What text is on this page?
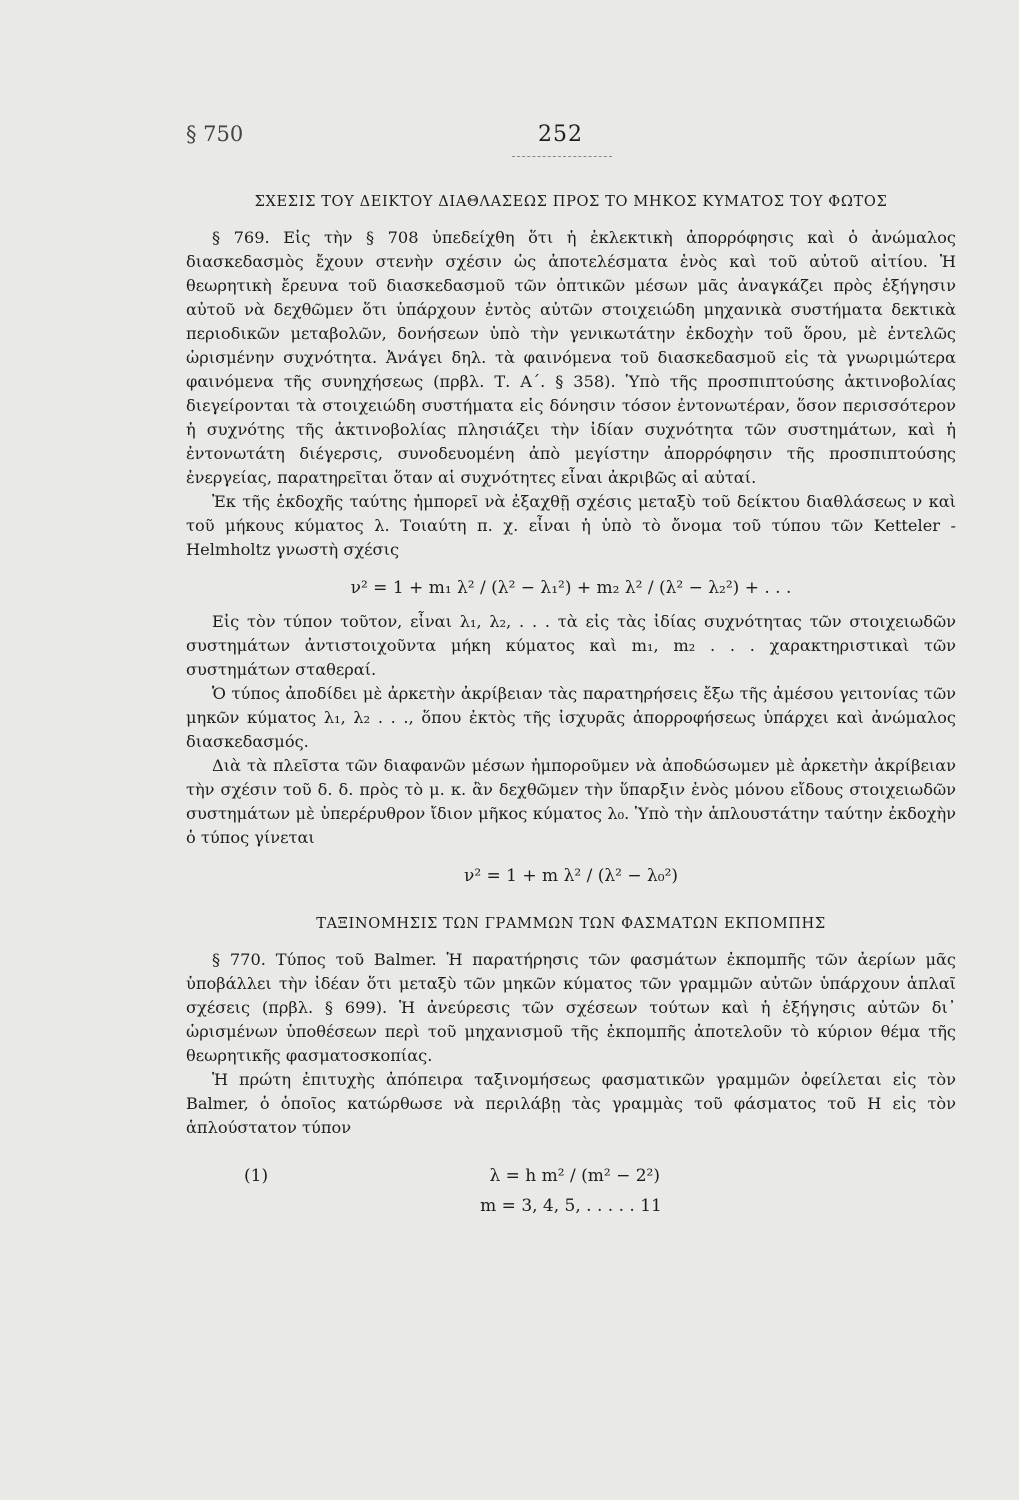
§ 750	252
ΣΧΕΣΙΣ ΤΟΥ ΔΕΙΚΤΟΥ ΔΙΑΘΛΑΣΕΩΣ ΠΡΟΣ ΤΟ ΜΗΚΟΣ ΚΥΜΑΤΟΣ ΤΟΥ ΦΩΤΟΣ

§ 769. Εἰς τὴν § 708 ὑπεδείχθη ὅτι ἡ ἐκλεκτικὴ ἀπορρόφησις καὶ ὁ ἀνώμαλος διασκεδασμὸς ἔχουν στενὴν σχέσιν ὡς ἀποτελέσματα ἑνὸς καὶ τοῦ αὐτοῦ αἰτίου. Ἡ θεωρητικὴ ἔρευνα τοῦ διασκεδασμοῦ τῶν ὀπτικῶν μέσων μᾶς ἀναγκάζει πρὸς ἐξήγησιν αὐτοῦ νὰ δεχθῶμεν ὅτι ὑπάρχουν ἐντὸς αὐτῶν στοιχειώδη μηχανικὰ συστήματα δεκτικὰ περιοδικῶν μεταβολῶν, δονήσεων ὑπὸ τὴν γενικωτάτην ἐκδοχὴν τοῦ ὅρου, μὲ ἐντελῶς ὡρισμένην συχνότητα. Ἀνάγει δηλ. τὰ φαινόμενα τοῦ διασκεδασμοῦ εἰς τὰ γνωριμώτερα φαινόμενα τῆς συνηχήσεως (πρβλ. Τ. Α΄. § 358). Ὑπὸ τῆς προσπιπτούσης ἀκτινοβολίας διεγείρονται τὰ στοιχειώδη συστήματα εἰς δόνησιν τόσον ἐντονωτέραν, ὅσον περισσότερον ἡ συχνότης τῆς ἀκτινοβολίας πλησιάζει τὴν ἰδίαν συχνότητα τῶν συστημάτων, καὶ ἡ ἐντονωτάτη διέγερσις, συνοδευομένη ἀπὸ μεγίστην ἀπορρόφησιν τῆς προσπιπτούσης ἐνεργείας, παρατηρεῖται ὅταν αἱ συχνότητες εἶναι ἀκριβῶς αἱ αὐταί.

Ἐκ τῆς ἐκδοχῆς ταύτης ἠμπορεῖ νὰ ἐξαχθῇ σχέσις μεταξὺ τοῦ δείκτου διαθλάσεως ν καὶ τοῦ μήκους κύματος λ. Τοιαύτη π. χ. εἶναι ἡ ὑπὸ τὸ ὄνομα τοῦ τύπου τῶν Ketteler - Helmholtz γνωστὴ σχέσις

ν² = 1 + m₁ λ² / (λ² − λ₁²) + m₂ λ² / (λ² − λ₂²) + . . .

Εἰς τὸν τύπον τοῦτον, εἶναι λ₁, λ₂, . . . τὰ εἰς τὰς ἰδίας συχνότητας τῶν στοιχειωδῶν συστημάτων ἀντιστοιχοῦντα μήκη κύματος καὶ m₁, m₂ . . . χαρακτηριστικαὶ τῶν συστημάτων σταθεραί.

Ὁ τύπος ἀποδίδει μὲ ἀρκετὴν ἀκρίβειαν τὰς παρατηρήσεις ἔξω τῆς ἀμέσου γειτονίας τῶν μηκῶν κύματος λ₁, λ₂ . . ., ὅπου ἐκτὸς τῆς ἰσχυρᾶς ἀπορροφήσεως ὑπάρχει καὶ ἀνώμαλος διασκεδασμός.

Διὰ τὰ πλεῖστα τῶν διαφανῶν μέσων ἠμποροῦμεν νὰ ἀποδώσωμεν μὲ ἀρκετὴν ἀκρίβειαν τὴν σχέσιν τοῦ δ. δ. πρὸς τὸ μ. κ. ἂν δεχθῶμεν τὴν ὕπαρξιν ἑνὸς μόνου εἴδους στοιχειωδῶν συστημάτων μὲ ὑπερέρυθρον ἴδιον μῆκος κύματος λ₀. Ὑπὸ τὴν ἁπλουστάτην ταύτην ἐκδοχὴν ὁ τύπος γίνεται

ν² = 1 + m λ² / (λ² − λ₀²)
ΤΑΞΙΝΟΜΗΣΙΣ ΤΩΝ ΓΡΑΜΜΩΝ ΤΩΝ ΦΑΣΜΑΤΩΝ ΕΚΠΟΜΠΗΣ

§ 770. Τύπος τοῦ Balmer. Ἡ παρατήρησις τῶν φασμάτων ἐκπομπῆς τῶν ἀερίων μᾶς ὑποβάλλει τὴν ἰδέαν ὅτι μεταξὺ τῶν μηκῶν κύματος τῶν γραμμῶν αὐτῶν ὑπάρχουν ἁπλαῖ σχέσεις (πρβλ. § 699). Ἡ ἀνεύρεσις τῶν σχέσεων τούτων καὶ ἡ ἐξήγησις αὐτῶν δι᾿ ὡρισμένων ὑποθέσεων περὶ τοῦ μηχανισμοῦ τῆς ἐκπομπῆς ἀποτελοῦν τὸ κύριον θέμα τῆς θεωρητικῆς φασματοσκοπίας.

Ἡ πρώτη ἐπιτυχὴς ἀπόπειρα ταξινομήσεως φασματικῶν γραμμῶν ὀφείλεται εἰς τὸν Balmer, ὁ ὁποῖος κατώρθωσε νὰ περιλάβῃ τὰς γραμμὰς τοῦ φάσματος τοῦ Η εἰς τὸν ἁπλούστατον τύπον

(1)	λ = h m² / (m² − 2²)
m = 3, 4, 5, . . . . . 11
